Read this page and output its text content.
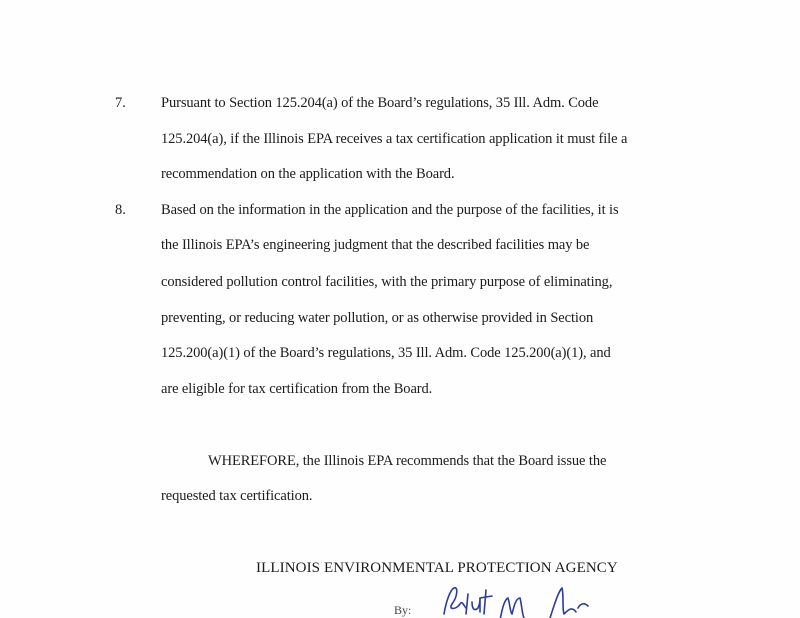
7. Pursuant to Section 125.204(a) of the Board’s regulations, 35 Ill. Adm. Code
125.204(a), if the Illinois EPA receives a tax certification application it must file a
recommendation on the application with the Board.
8. Based on the information in the application and the purpose of the facilities, it is
the Illinois EPA’s engineering judgment that the described facilities may be
considered pollution control facilities, with the primary purpose of eliminating,
preventing, or reducing water pollution, or as otherwise provided in Section
125.200(a)(1) of the Board’s regulations, 35 Ill. Adm. Code 125.200(a)(1), and
are eligible for tax certification from the Board.
WHEREFORE, the Illinois EPA recommends that the Board issue the
requested tax certification.
ILLINOIS ENVIRONMENTAL PROTECTION AGENCY
By:
